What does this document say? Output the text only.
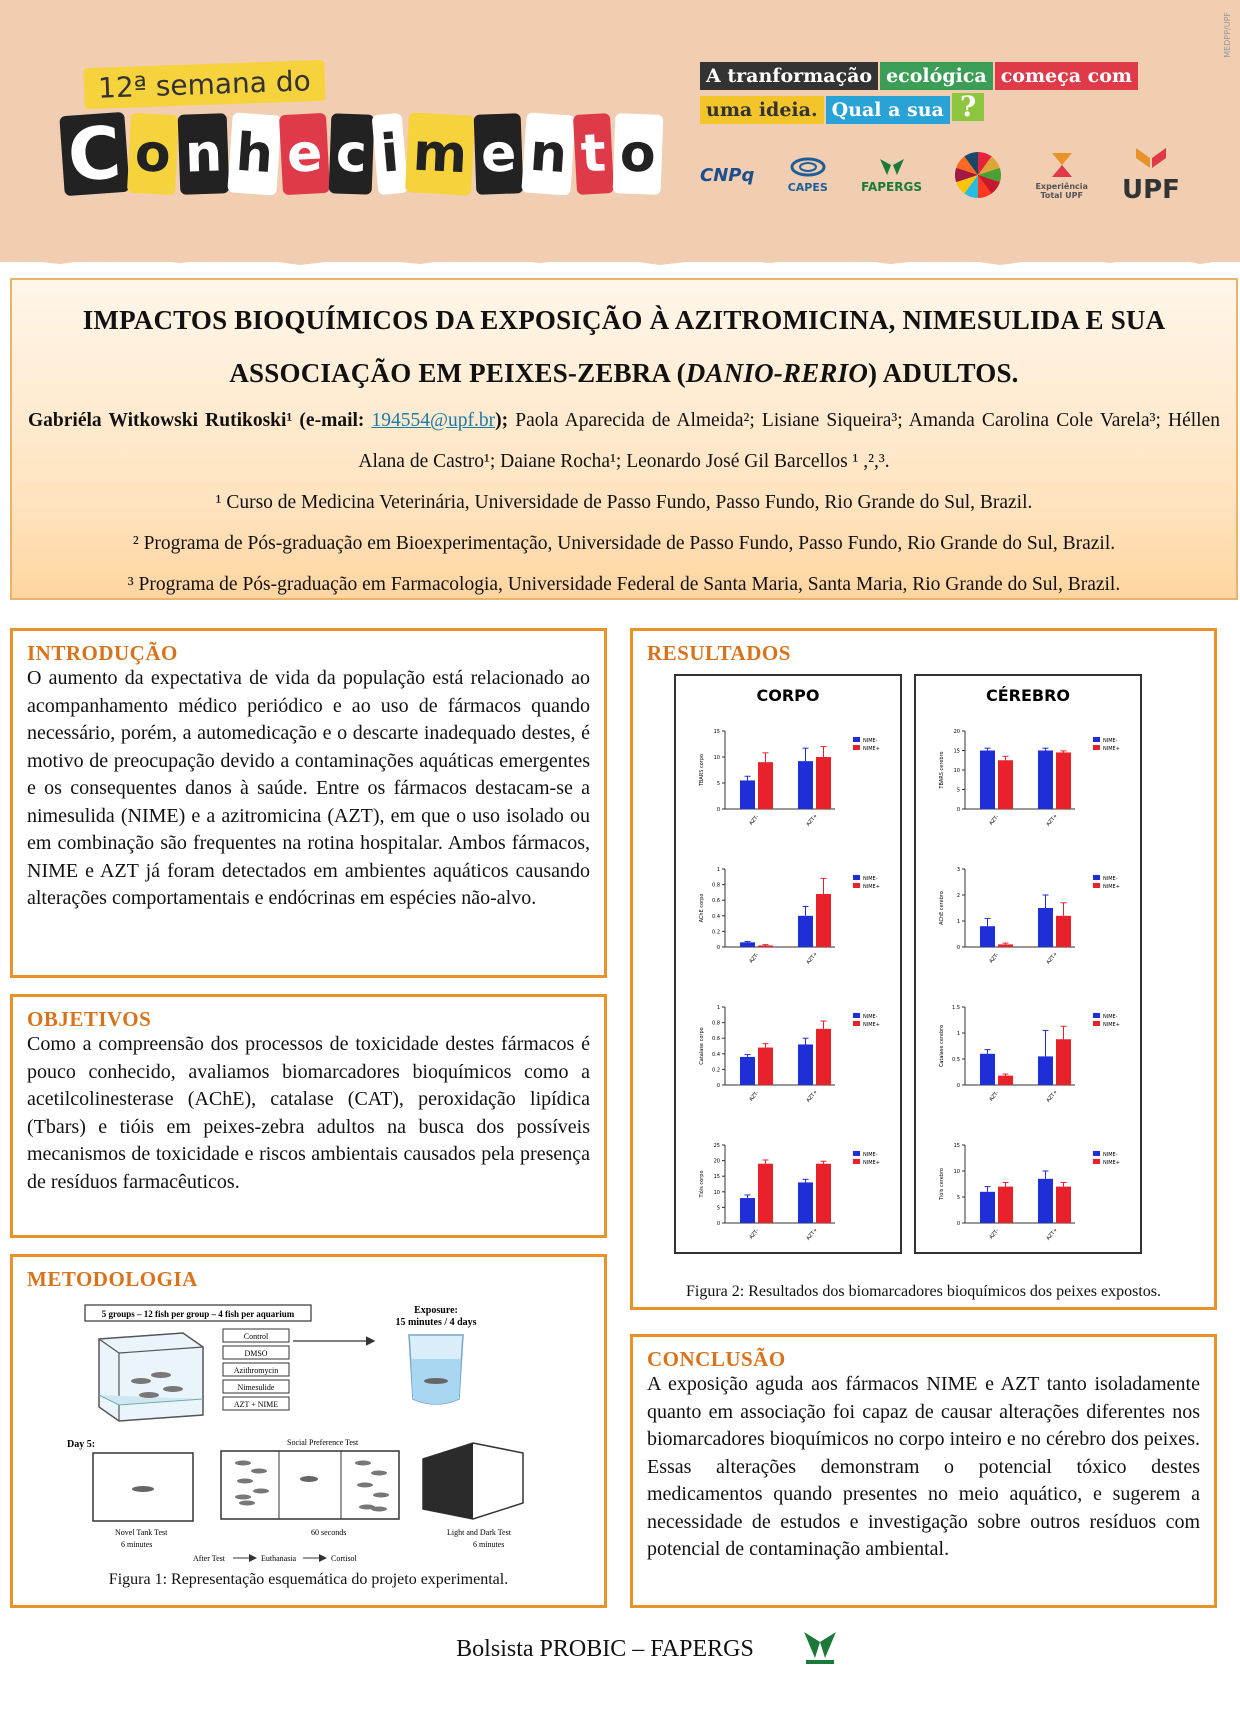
12ª semana do
C o n h e c i m e n t o
A tranformação ecológica começa com
uma ideia. Qual a sua ?
CNPq
CAPES	FAPERGS	Experiência Total UPF UPF
MEDPP/UPF
IMPACTOS BIOQUÍMICOS DA EXPOSIÇÃO À AZITROMICINA, NIMESULIDA E SUA
ASSOCIAÇÃO EM PEIXES-ZEBRA (DANIO-RERIO) ADULTOS.
Gabriéla Witkowski Rutikoski¹ (e-mail: 194554@upf.br); Paola Aparecida de Almeida²; Lisiane Siqueira³; Amanda Carolina Cole Varela³; Héllen Alana de Castro¹; Daiane Rocha¹; Leonardo José Gil Barcellos ¹ ,²,³.
¹ Curso de Medicina Veterinária, Universidade de Passo Fundo, Passo Fundo, Rio Grande do Sul, Brazil.
² Programa de Pós-graduação em Bioexperimentação, Universidade de Passo Fundo, Passo Fundo, Rio Grande do Sul, Brazil.
³ Programa de Pós-graduação em Farmacologia, Universidade Federal de Santa Maria, Santa Maria, Rio Grande do Sul, Brazil.
INTRODUÇÃO

O aumento da expectativa de vida da população está relacionado ao acompanhamento médico periódico e ao uso de fármacos quando necessário, porém, a automedicação e o descarte inadequado destes, é motivo de preocupação devido a contaminações aquáticas emergentes e os consequentes danos à saúde. Entre os fármacos destacam-se a nimesulida (NIME) e a azitromicina (AZT), em que o uso isolado ou em combinação são frequentes na rotina hospitalar. Ambos fármacos, NIME e AZT já foram detectados em ambientes aquáticos causando alterações comportamentais e endócrinas em espécies não-alvo.

OBJETIVOS

Como a compreensão dos processos de toxicidade destes fármacos é pouco conhecido, avaliamos biomarcadores bioquímicos como a acetilcolinesterase (AChE), catalase (CAT), peroxidação lipídica (Tbars) e tióis em peixes-zebra adultos na busca dos possíveis mecanismos de toxicidade e riscos ambientais causados pela presença de resíduos farmacêuticos.

METODOLOGIA
5 groups – 12 fish per group – 4 fish per aquarium
Control
DMSO
Azithromycin
Nimesulide
AZT + NIME
Exposure:
15 minutes / 4 days
Day 5:
Novel Tank Test
6 minutes
Social Preference Test
60 seconds	Light and Dark Test
6 minutes
After Test	Euthanasia	Cortisol
Figura 1: Representação esquemática do projeto experimental.
RESULTADOS
CORPO	CÉREBRO
0
5
10
15
TBARS corpo
AZT-	AZT+
NIME-
NIME+
0
5
10
15
20
TBARS cerebro
AZT-	AZT+
NIME-
NIME+
0
0.2
0.4
0.6
0.8
1
AChE corpo
AZT-	AZT+
NIME-
NIME+
0
1
2
3
AChE cerebro
AZT-	AZT+
NIME-
NIME+
0
0.2
0.4
0.6
0.8
1
Catalase corpo
AZT-	AZT+
NIME-
NIME+
0
0.5
1
1.5
Catalase cerebro
AZT-	AZT+
NIME-
NIME+
0
5
10
15
20
25
Tióis corpo
AZT-	AZT+
NIME-
NIME+
0
5
10
15
Tióis cerebro
AZT-	AZT+
NIME-
NIME+
Figura 2: Resultados dos biomarcadores bioquímicos dos peixes expostos.
CONCLUSÃO

A exposição aguda aos fármacos NIME e AZT tanto isoladamente quanto em associação foi capaz de causar alterações diferentes nos biomarcadores bioquímicos no corpo inteiro e no cérebro dos peixes. Essas alterações demonstram o potencial tóxico destes medicamentos quando presentes no meio aquático, e sugerem a necessidade de estudos e investigação sobre outros resíduos com potencial de contaminação ambiental.

Bolsista PROBIC – FAPERGS
